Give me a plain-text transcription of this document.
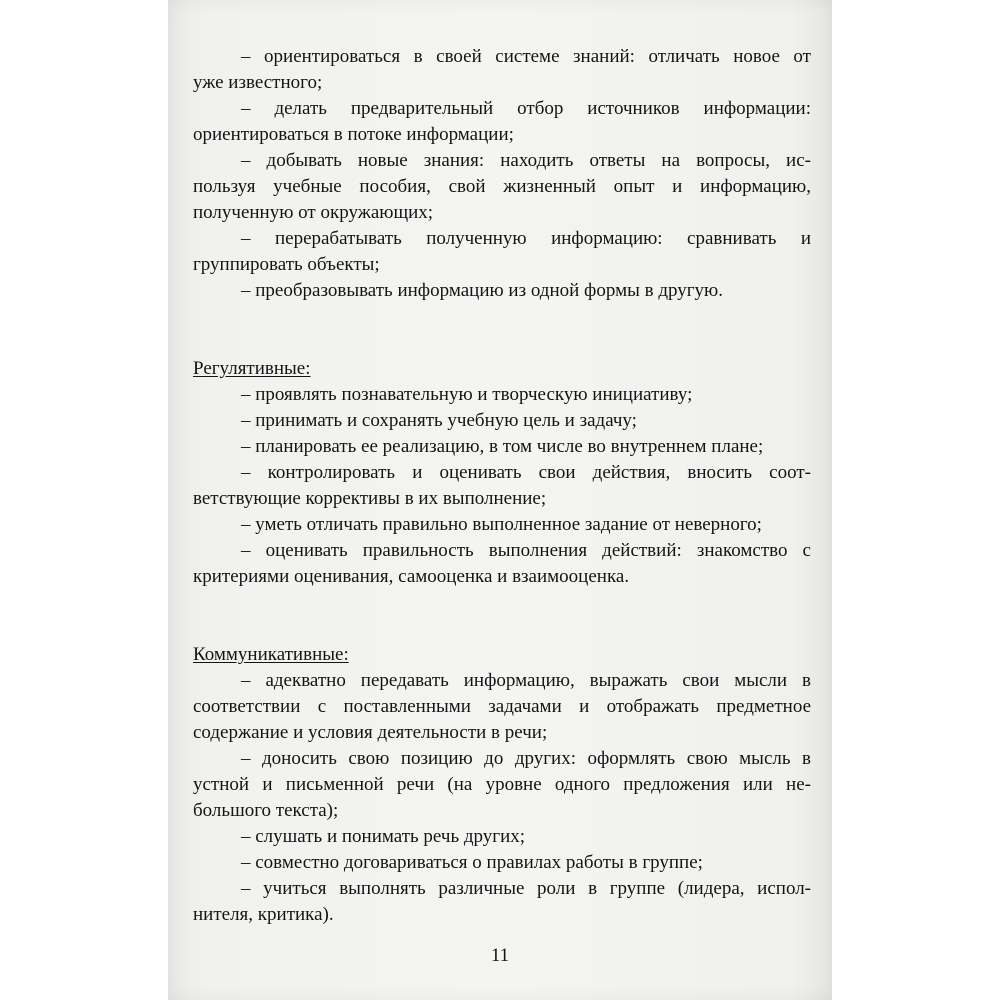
– ориентироваться в своей системе знаний: отличать новое от
уже известного;
– делать предварительный отбор источников информации:
ориентироваться в потоке информации;
– добывать новые знания: находить ответы на вопросы, ис-
пользуя учебные пособия, свой жизненный опыт и информацию,
полученную от окружающих;
– перерабатывать полученную информацию: сравнивать и
группировать объекты;
– преобразовывать информацию из одной формы в другую.
Регулятивные:
– проявлять познавательную и творческую инициативу;
– принимать и сохранять учебную цель и задачу;
– планировать ее реализацию, в том числе во внутреннем плане;
– контролировать и оценивать свои действия, вносить соот-
ветствующие коррективы в их выполнение;
– уметь отличать правильно выполненное задание от неверного;
– оценивать правильность выполнения действий: знакомство с
критериями оценивания, самооценка и взаимооценка.
Коммуникативные:
– адекватно передавать информацию, выражать свои мысли в
соответствии с поставленными задачами и отображать предметное
содержание и условия деятельности в речи;
– доносить свою позицию до других: оформлять свою мысль в
устной и письменной речи (на уровне одного предложения или не-
большого текста);
– слушать и понимать речь других;
– совместно договариваться о правилах работы в группе;
– учиться выполнять различные роли в группе (лидера, испол-
нителя, критика).
11
